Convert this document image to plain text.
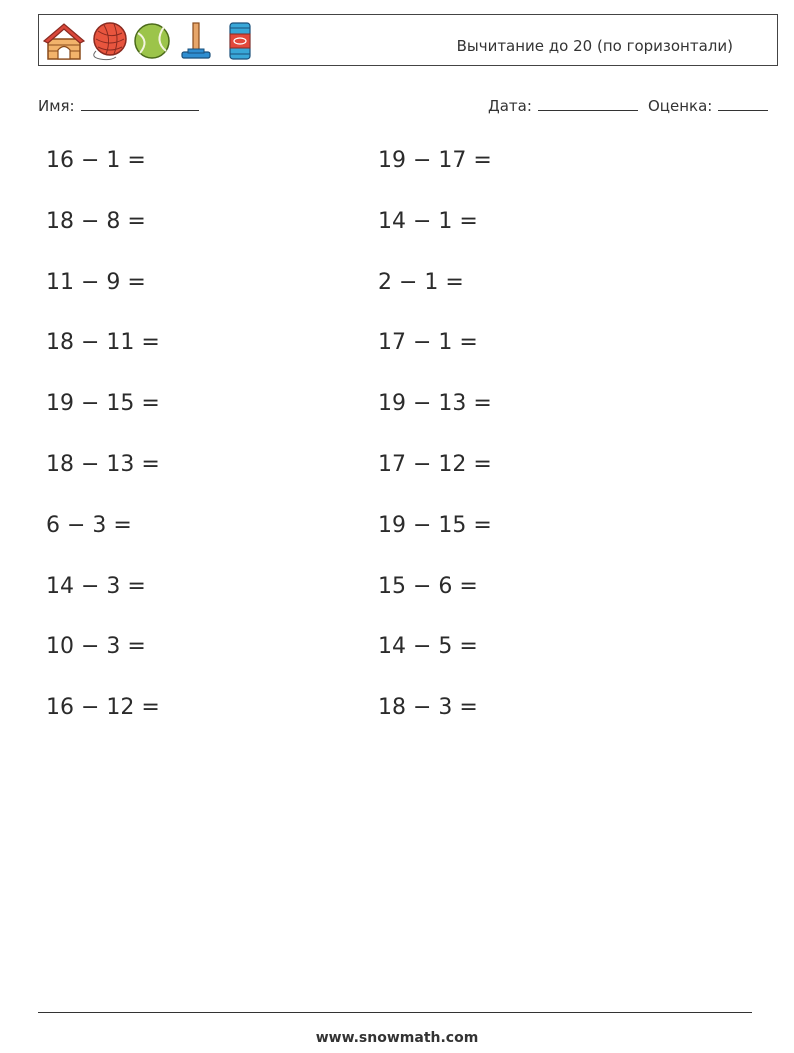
Вычитание до 20 (по горизонтали)
Имя:	Дата:	Оценка:
16 − 1 =	19 − 17 =
18 − 8 =	14 − 1 =
11 − 9 =	2 − 1 =
18 − 11 =	17 − 1 =
19 − 15 =	19 − 13 =
18 − 13 =	17 − 12 =
6 − 3 =	19 − 15 =
14 − 3 =	15 − 6 =
10 − 3 =	14 − 5 =
16 − 12 =	18 − 3 =
www.snowmath.com
